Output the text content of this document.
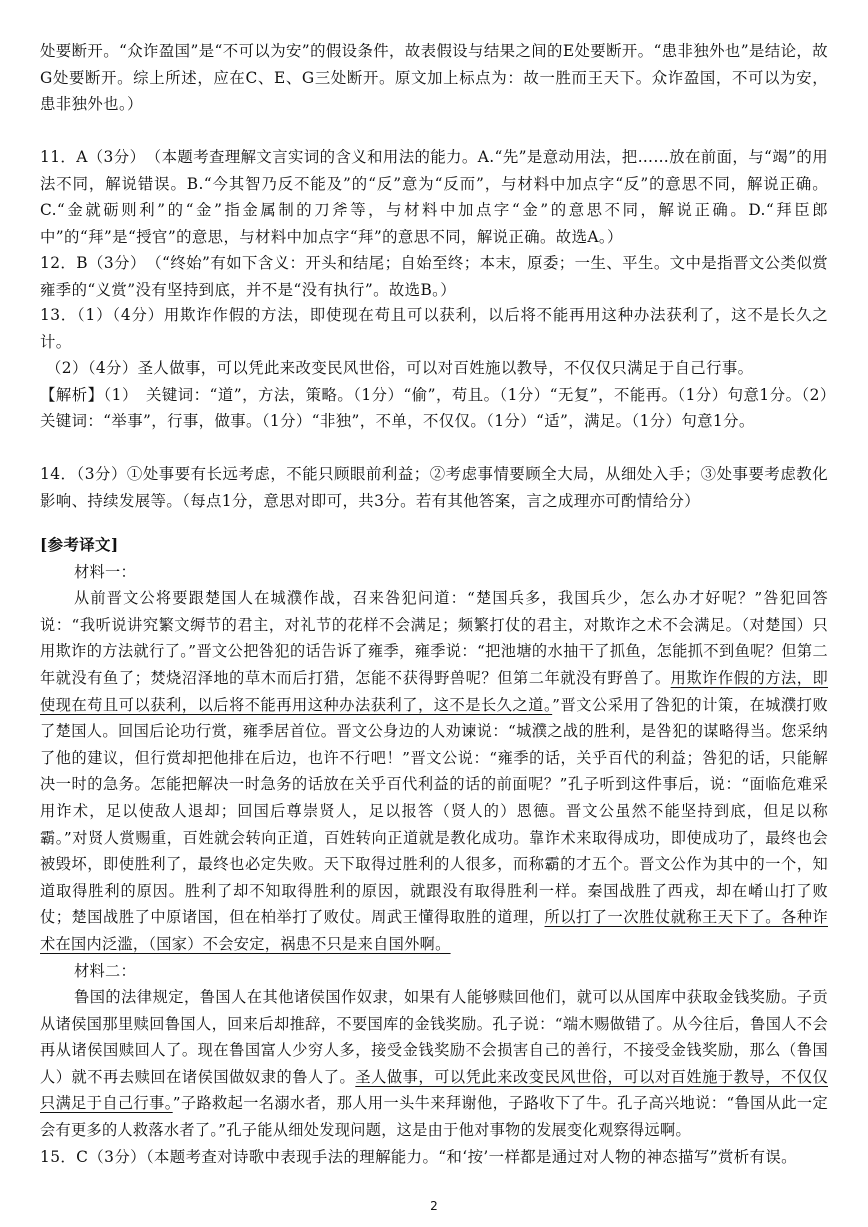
处要断开。“众诈盈国”是“不可以为安”的假设条件，故表假设与结果之间的E处要断开。“患非独外也”是结论，故G处要断开。综上所述，应在C、E、G三处断开。原文加上标点为：故一胜而王天下。众诈盈国，不可以为安，患非独外也。）

11．A（3分）　（本题考查理解文言实词的含义和用法的能力。A.“先”是意动用法，把……放在前面，与“竭”的用法不同，解说错误。B.“今其智乃反不能及”的“反”意为“反而”，与材料中加点字“反”的意思不同，解说正确。C.“金就砺则利”的“金”指金属制的刀斧等，与材料中加点字“金”的意思不同，解说正确。D.“拜臣郎中”的“拜”是“授官”的意思，与材料中加点字“拜”的意思不同，解说正确。故选A。）

12．B（3分）　（“终始”有如下含义：开头和结尾；自始至终；本末，原委；一生、平生。文中是指晋文公类似赏雍季的“义赏”没有坚持到底，并不是“没有执行”。故选B。）

13．（1）（4分）用欺诈作假的方法，即使现在苟且可以获利，以后将不能再用这种办法获利了，这不是长久之计。

（2）（4分）圣人做事，可以凭此来改变民风世俗，可以对百姓施以教导，不仅仅只满足于自己行事。

【解析】（1）　关键词：“道”，方法，策略。（1分）“偷”，苟且。（1分）“无复”，不能再。（1分）句意1分。（2）　关键词：“举事”，行事，做事。（1分）“非独”，不单，不仅仅。（1分）“适”，满足。（1分）句意1分。

14．（3分）①处事要有长远考虑，不能只顾眼前利益；②考虑事情要顾全大局，从细处入手；③处事要考虑教化影响、持续发展等。（每点1分，意思对即可，共3分。若有其他答案，言之成理亦可酌情给分）

[参考译文]

材料一：

从前晋文公将要跟楚国人在城濮作战，召来咎犯问道：“楚国兵多，我国兵少，怎么办才好呢？”咎犯回答说：“我听说讲究繁文缛节的君主，对礼节的花样不会满足；频繁打仗的君主，对欺诈之术不会满足。（对楚国）只用欺诈的方法就行了。”晋文公把咎犯的话告诉了雍季，雍季说：“把池塘的水抽干了抓鱼，怎能抓不到鱼呢？但第二年就没有鱼了；焚烧沼泽地的草木而后打猎，怎能不获得野兽呢？但第二年就没有野兽了。用欺诈作假的方法，即使现在苟且可以获利，以后将不能再用这种办法获利了，这不是长久之道。”晋文公采用了咎犯的计策，在城濮打败了楚国人。回国后论功行赏，雍季居首位。晋文公身边的人劝谏说：“城濮之战的胜利，是咎犯的谋略得当。您采纳了他的建议，但行赏却把他排在后边，也许不行吧！”晋文公说：“雍季的话，关乎百代的利益；咎犯的话，只能解决一时的急务。怎能把解决一时急务的话放在关乎百代利益的话的前面呢？”孔子听到这件事后，说：“面临危难采用诈术，足以使敌人退却；回国后尊崇贤人，足以报答（贤人的）恩德。晋文公虽然不能坚持到底，但足以称霸。”对贤人赏赐重，百姓就会转向正道，百姓转向正道就是教化成功。靠诈术来取得成功，即使成功了，最终也会被毁坏，即使胜利了，最终也必定失败。天下取得过胜利的人很多，而称霸的才五个。晋文公作为其中的一个，知道取得胜利的原因。胜利了却不知取得胜利的原因，就跟没有取得胜利一样。秦国战胜了西戎，却在崤山打了败仗；楚国战胜了中原诸国，但在柏举打了败仗。周武王懂得取胜的道理，所以打了一次胜仗就称王天下了。各种诈术在国内泛滥，（国家）不会安定，祸患不只是来自国外啊。

材料二：

鲁国的法律规定，鲁国人在其他诸侯国作奴隶，如果有人能够赎回他们，就可以从国库中获取金钱奖励。子贡从诸侯国那里赎回鲁国人，回来后却推辞，不要国库的金钱奖励。孔子说：“端木赐做错了。从今往后，鲁国人不会再从诸侯国赎回人了。现在鲁国富人少穷人多，接受金钱奖励不会损害自己的善行，不接受金钱奖励，那么（鲁国人）就不再去赎回在诸侯国做奴隶的鲁人了。圣人做事，可以凭此来改变民风世俗，可以对百姓施于教导，不仅仅只满足于自己行事。”子路救起一名溺水者，那人用一头牛来拜谢他，子路收下了牛。孔子高兴地说：“鲁国从此一定会有更多的人救落水者了。”孔子能从细处发现问题，这是由于他对事物的发展变化观察得远啊。

15．C（3分）（本题考查对诗歌中表现手法的理解能力。“和‘按’一样都是通过对人物的神态描写”赏析有误。

2
